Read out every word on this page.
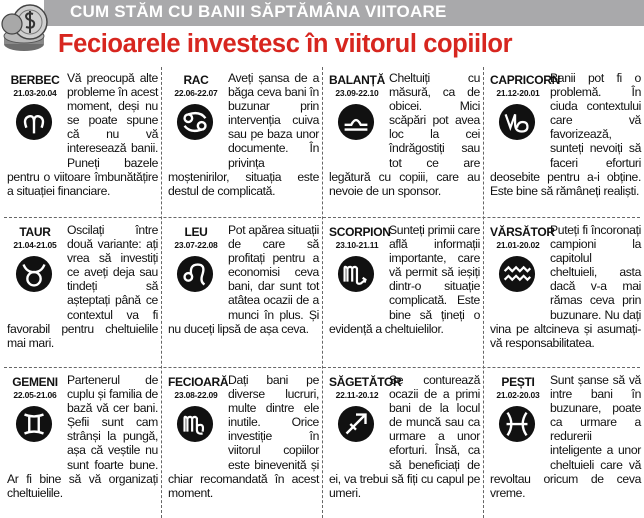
CUM STĂM CU BANII SĂPTĂMÂNA VIITOARE
Fecioarele investesc în viitorul copiilor
BERBEC
21.03-20.04
Vă preocupă alte probleme în acest moment, deși nu se poate spune că nu vă interesează banii. Puneți bazele pentru o viitoare îmbunătățire a situației financiare.
TAUR
21.04-21.05
Oscilați între două variante: ați vrea să investiți ce aveți deja sau tindeți să așteptați până ce contextul va fi favorabil pentru cheltuielile mai mari.
GEMENI
22.05-21.06
Partenerul de cuplu și familia de bază vă cer bani. Șefii sunt cam strânși la pungă, așa că veștile nu sunt foarte bune. Ar fi bine să vă organizați cheltuielile.
RAC
22.06-22.07
Aveți șansa de a băga ceva bani în buzunar prin intervenția cuiva sau pe baza unor documente. În privința moștenirilor, situația este destul de complicată.
LEU
23.07-22.08
Pot apărea situații de care să profitați pentru a economisi ceva bani, dar sunt tot atâtea ocazii de a munci în plus. Și nu duceți lipsă de așa ceva.
FECIOARĂ
23.08-22.09
Dați bani pe diverse lucruri, multe dintre ele inutile. Orice investiție în viitorul copiilor este binevenită și chiar recomandată în acest moment.
BALANȚĂ
23.09-22.10
Cheltuiți cu măsură, ca de obicei. Mici scăpări pot avea loc la cei îndrăgostiți sau tot ce are legătură cu copiii, care au nevoie de un sponsor.
SCORPION
23.10-21.11
Sunteți primii care află informații importante, care vă permit să ieșiți dintr-o situație complicată. Este bine să țineți o evidență a cheltuielilor.
SĂGETĂTOR
22.11-20.12
Se conturează ocazii de a primi bani de la locul de muncă sau ca urmare a unor eforturi. Însă, ca să beneficiați de ei, va trebui să fiți cu capul pe umeri.
CAPRICORN
21.12-20.01
Banii pot fi o problemă. În ciuda contextului care vă favorizează, sunteți nevoiți să faceri eforturi deosebite pentru a-i obține. Este bine să rămâneți realiști.
VĂRSĂTOR
21.01-20.02
Puteți fi încoronați campioni la capitolul cheltuieli, asta dacă v-a mai rămas ceva prin buzunare. Nu dați vina pe altcineva și asumați-vă responsabilitatea.
PEȘTI
21.02-20.03
Sunt șanse să vă intre bani în buzunare, poate ca urmare a redurerii inteligente a unor cheltuieli care vă revoltau oricum de ceva vreme.
